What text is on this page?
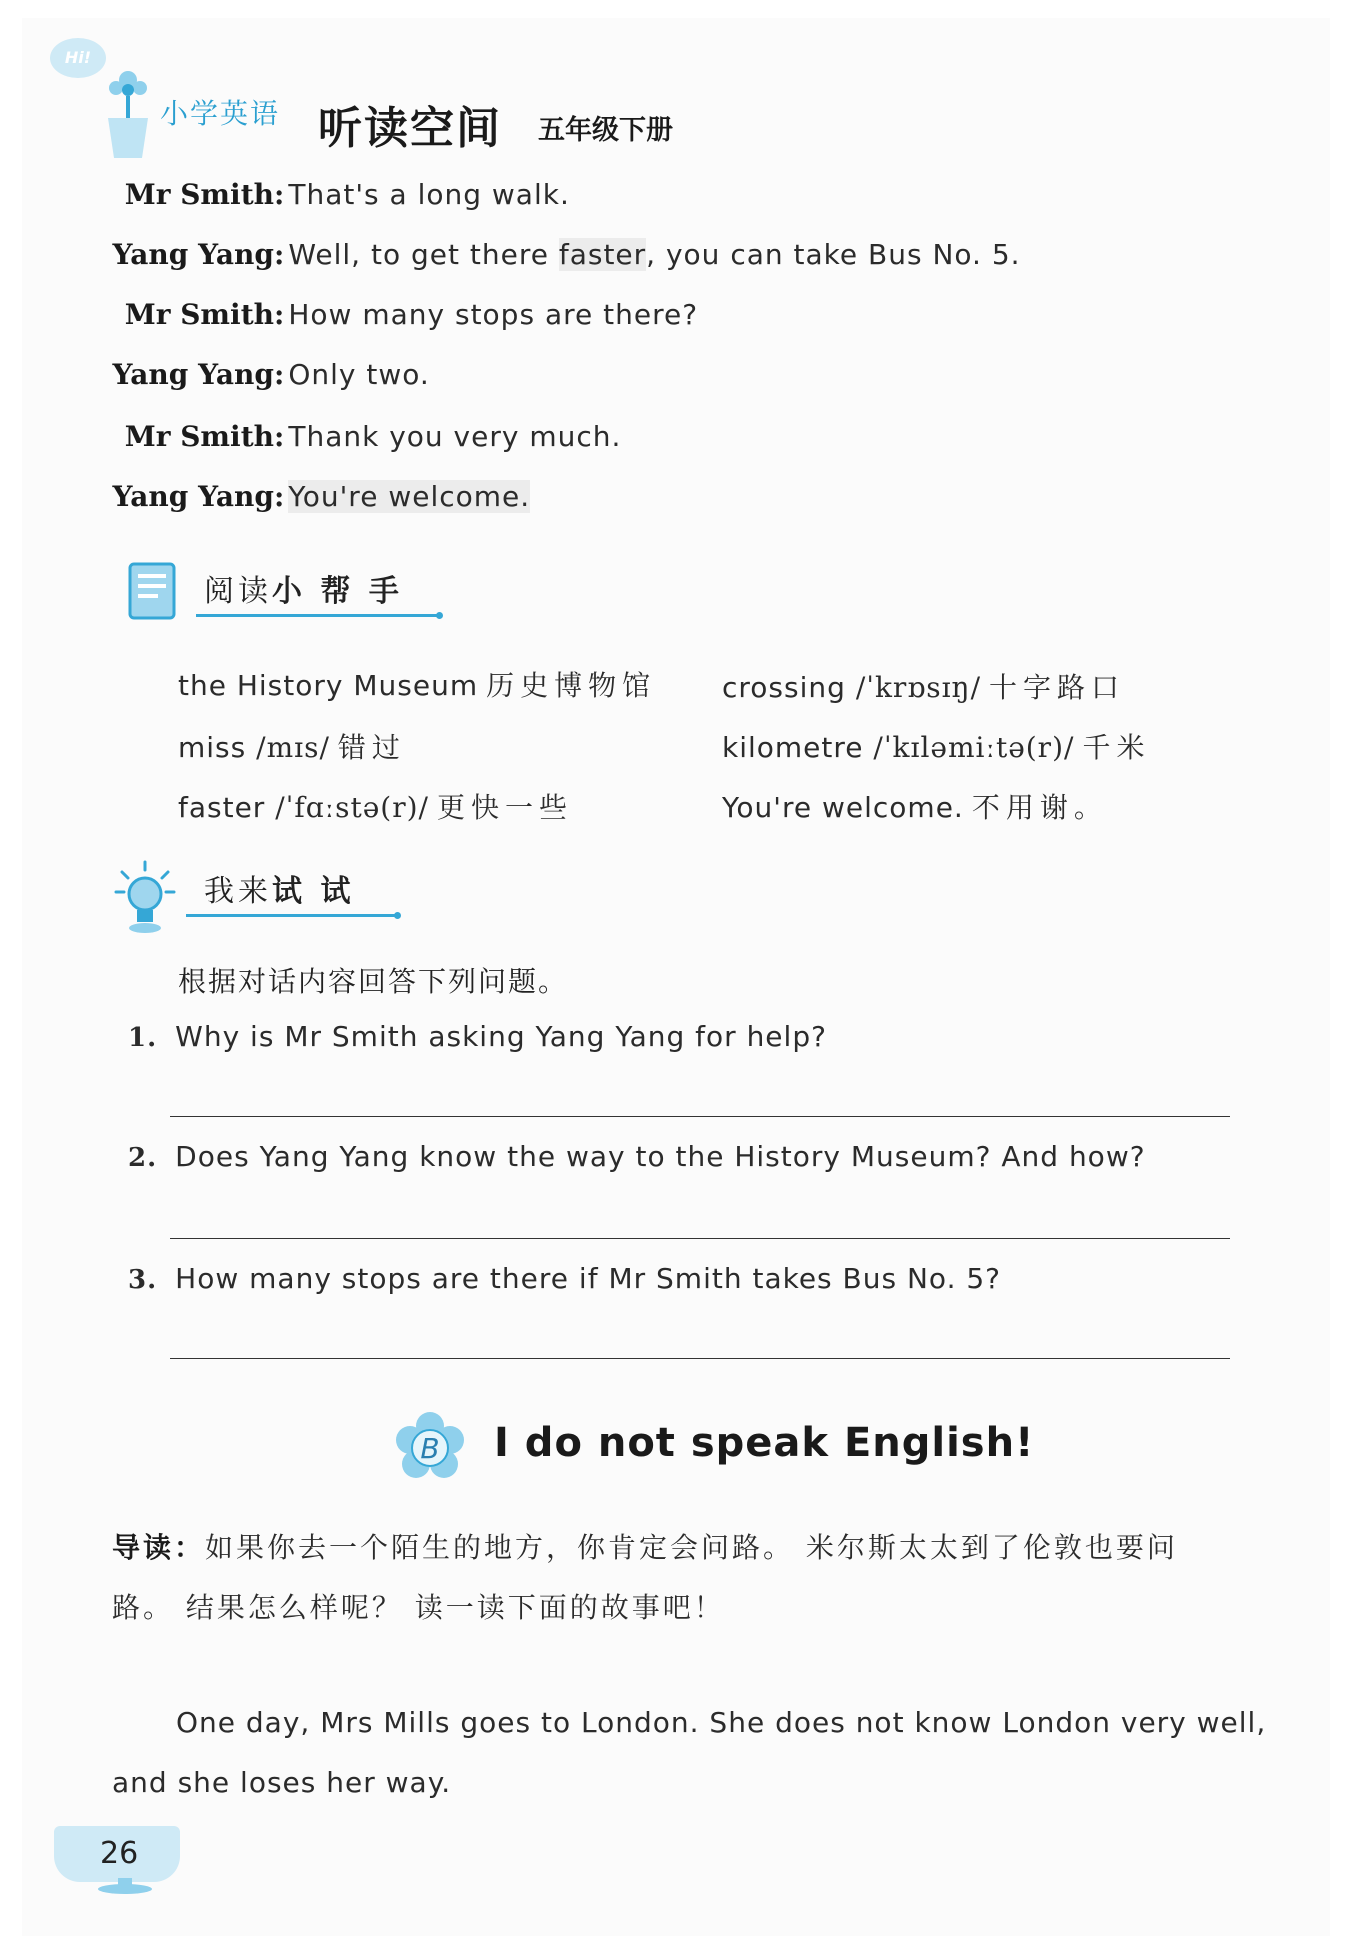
Hi!
小学英语 听读空间 五年级下册
Mr Smith : That's a long walk.
Yang Yang : Well, to get there faster, you can take Bus No. 5.
Mr Smith : How many stops are there?
Yang Yang : Only two.
Mr Smith : Thank you very much.
Yang Yang : You're welcome.
阅读小 帮 手
the History Museum 历史博物馆 crossing /ˈkrɒsɪŋ/ 十字路口
miss /mɪs/ 错过	kilometre /ˈkɪləmiːtə(r)/ 千米
faster /ˈfɑːstə(r)/ 更快一些	You're welcome. 不用谢。
我来试 试
根据对话内容回答下列问题。
1. Why is Mr Smith asking Yang Yang for help?
2. Does Yang Yang know the way to the History Museum? And how?
3. How many stops are there if Mr Smith takes Bus No. 5?
B I do not speak English!
导读：如果你去一个陌生的地方，你肯定会问路。 米尔斯太太到了伦敦也要问
路。 结果怎么样呢？ 读一读下面的故事吧！
One day, Mrs Mills goes to London. She does not know London very well,
and she loses her way.
26
